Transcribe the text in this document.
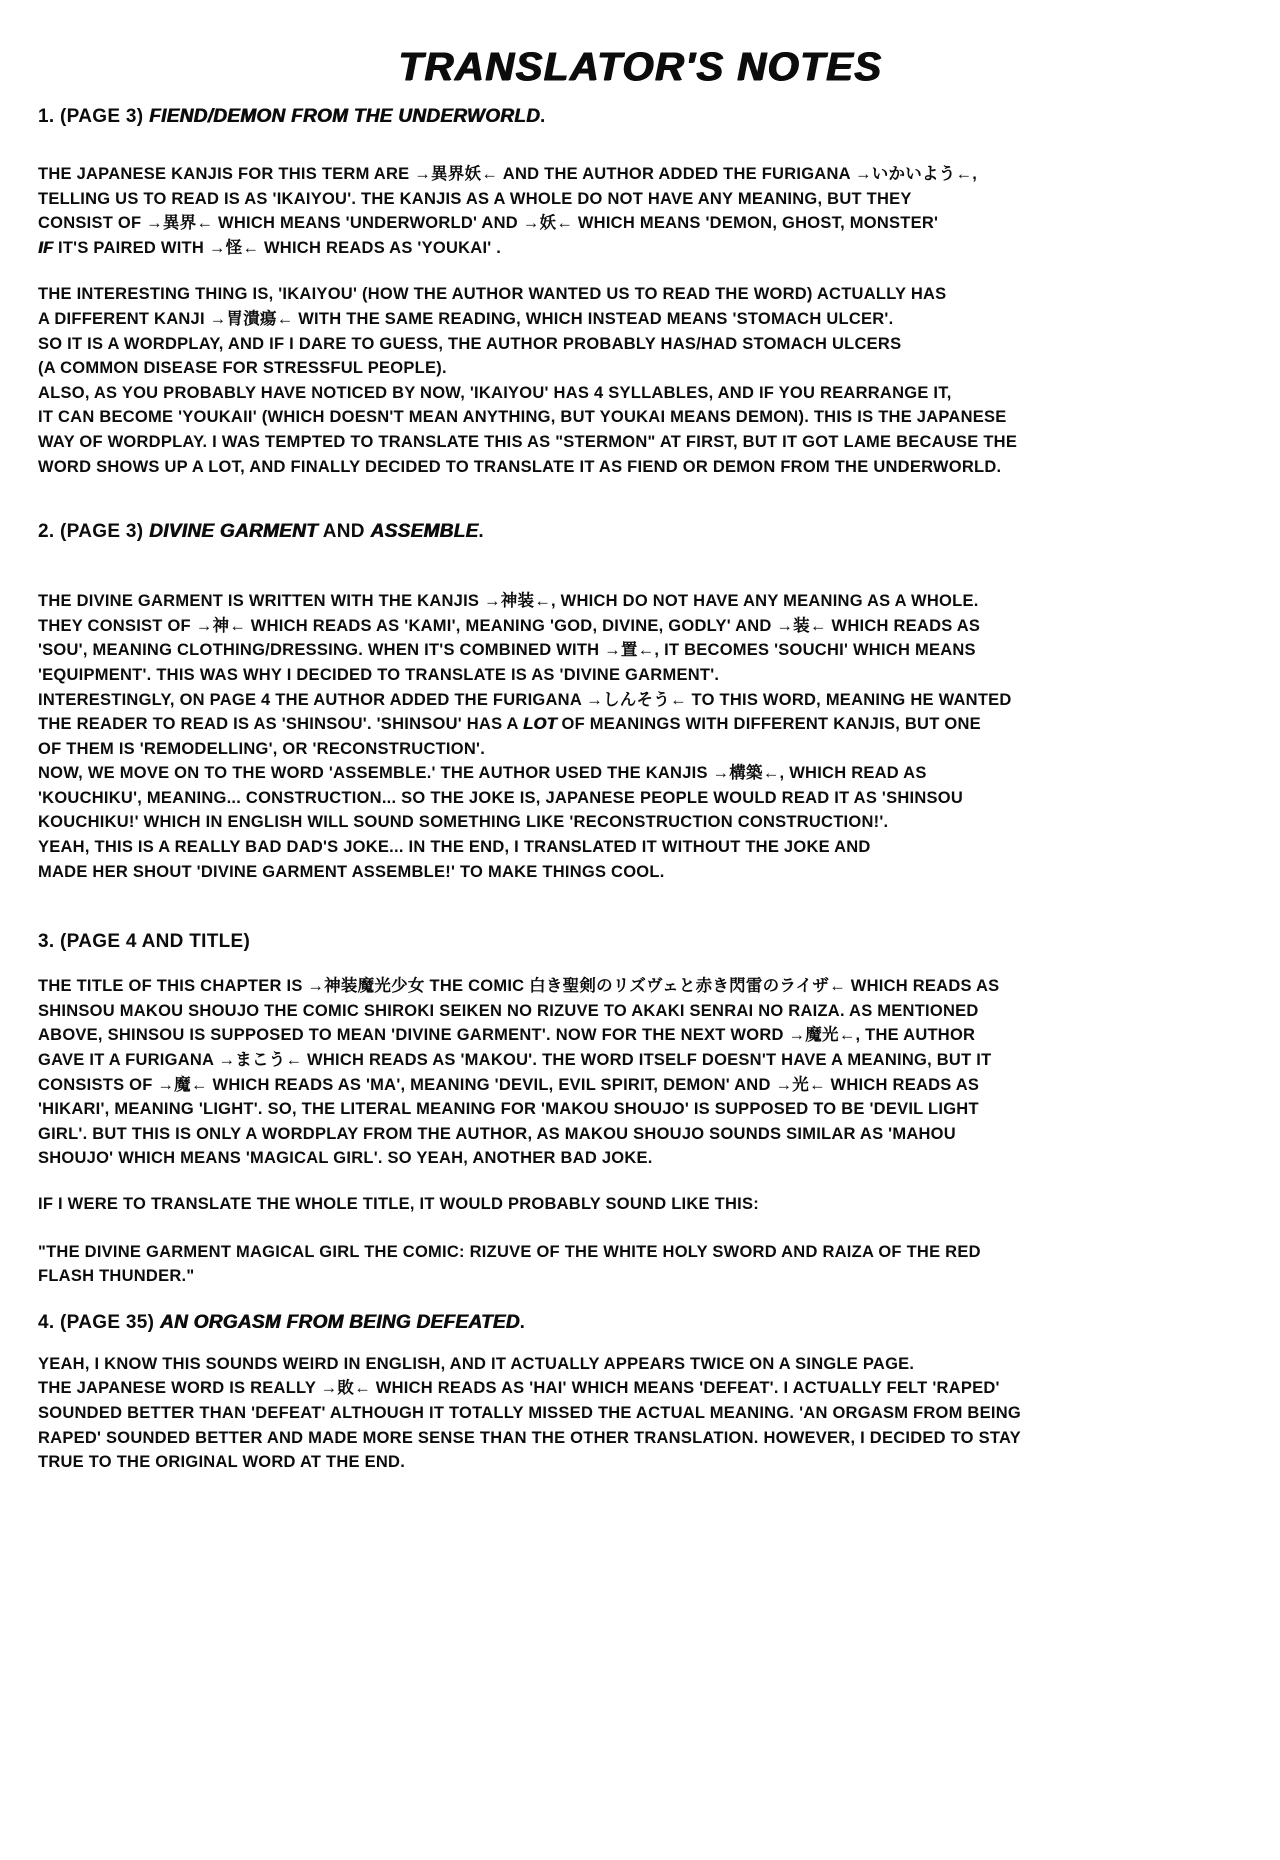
TRANSLATOR'S NOTES
1. (PAGE 3) FIEND/DEMON FROM THE UNDERWORLD.
THE JAPANESE KANJIS FOR THIS TERM ARE →異界妖← AND THE AUTHOR ADDED THE FURIGANA →いかいよう←,
TELLING US TO READ IS AS 'IKAIYOU'. THE KANJIS AS A WHOLE DO NOT HAVE ANY MEANING, BUT THEY
CONSIST OF →異界← WHICH MEANS 'UNDERWORLD' AND →妖← WHICH MEANS 'DEMON, GHOST, MONSTER'
IF IT'S PAIRED WITH →怪← WHICH READS AS 'YOUKAI' .
THE INTERESTING THING IS, 'IKAIYOU' (HOW THE AUTHOR WANTED US TO READ THE WORD) ACTUALLY HAS
A DIFFERENT KANJI →胃潰瘍← WITH THE SAME READING, WHICH INSTEAD MEANS 'STOMACH ULCER'.
SO IT IS A WORDPLAY, AND IF I DARE TO GUESS, THE AUTHOR PROBABLY HAS/HAD STOMACH ULCERS
(A COMMON DISEASE FOR STRESSFUL PEOPLE).
ALSO, AS YOU PROBABLY HAVE NOTICED BY NOW, 'IKAIYOU' HAS 4 SYLLABLES, AND IF YOU REARRANGE IT,
IT CAN BECOME 'YOUKAII' (WHICH DOESN'T MEAN ANYTHING, BUT YOUKAI MEANS DEMON). THIS IS THE JAPANESE
WAY OF WORDPLAY. I WAS TEMPTED TO TRANSLATE THIS AS "STERMON" AT FIRST, BUT IT GOT LAME BECAUSE THE
WORD SHOWS UP A LOT, AND FINALLY DECIDED TO TRANSLATE IT AS FIEND OR DEMON FROM THE UNDERWORLD.
2. (PAGE 3) DIVINE GARMENT AND ASSEMBLE.
THE DIVINE GARMENT IS WRITTEN WITH THE KANJIS →神装←, WHICH DO NOT HAVE ANY MEANING AS A WHOLE.
THEY CONSIST OF →神← WHICH READS AS 'KAMI', MEANING 'GOD, DIVINE, GODLY' AND →装← WHICH READS AS
'SOU', MEANING CLOTHING/DRESSING. WHEN IT'S COMBINED WITH →置←, IT BECOMES 'SOUCHI' WHICH MEANS
'EQUIPMENT'. THIS WAS WHY I DECIDED TO TRANSLATE IS AS 'DIVINE GARMENT'.
INTERESTINGLY, ON PAGE 4 THE AUTHOR ADDED THE FURIGANA →しんそう← TO THIS WORD, MEANING HE WANTED
THE READER TO READ IS AS 'SHINSOU'. 'SHINSOU' HAS A LOT OF MEANINGS WITH DIFFERENT KANJIS, BUT ONE
OF THEM IS 'REMODELLING', OR 'RECONSTRUCTION'.
NOW, WE MOVE ON TO THE WORD 'ASSEMBLE.' THE AUTHOR USED THE KANJIS →構築←, WHICH READ AS
'KOUCHIKU', MEANING... CONSTRUCTION... SO THE JOKE IS, JAPANESE PEOPLE WOULD READ IT AS 'SHINSOU
KOUCHIKU!' WHICH IN ENGLISH WILL SOUND SOMETHING LIKE 'RECONSTRUCTION CONSTRUCTION!'.
YEAH, THIS IS A REALLY BAD DAD'S JOKE... IN THE END, I TRANSLATED IT WITHOUT THE JOKE AND
MADE HER SHOUT 'DIVINE GARMENT ASSEMBLE!' TO MAKE THINGS COOL.
3. (PAGE 4 AND TITLE)
THE TITLE OF THIS CHAPTER IS →神装魔光少女 THE COMIC 白き聖剣のリズヴェと赤き閃雷のライザ← WHICH READS AS
SHINSOU MAKOU SHOUJO THE COMIC SHIROKI SEIKEN NO RIZUVE TO AKAKI SENRAI NO RAIZA. AS MENTIONED
ABOVE, SHINSOU IS SUPPOSED TO MEAN 'DIVINE GARMENT'. NOW FOR THE NEXT WORD →魔光←, THE AUTHOR
GAVE IT A FURIGANA →まこう← WHICH READS AS 'MAKOU'. THE WORD ITSELF DOESN'T HAVE A MEANING, BUT IT
CONSISTS OF →魔← WHICH READS AS 'MA', MEANING 'DEVIL, EVIL SPIRIT, DEMON' AND →光← WHICH READS AS
'HIKARI', MEANING 'LIGHT'. SO, THE LITERAL MEANING FOR 'MAKOU SHOUJO' IS SUPPOSED TO BE 'DEVIL LIGHT
GIRL'. BUT THIS IS ONLY A WORDPLAY FROM THE AUTHOR, AS MAKOU SHOUJO SOUNDS SIMILAR AS 'MAHOU
SHOUJO' WHICH MEANS 'MAGICAL GIRL'. SO YEAH, ANOTHER BAD JOKE.
IF I WERE TO TRANSLATE THE WHOLE TITLE, IT WOULD PROBABLY SOUND LIKE THIS:
"THE DIVINE GARMENT MAGICAL GIRL THE COMIC: RIZUVE OF THE WHITE HOLY SWORD AND RAIZA OF THE RED
FLASH THUNDER."
4. (PAGE 35) AN ORGASM FROM BEING DEFEATED.
YEAH, I KNOW THIS SOUNDS WEIRD IN ENGLISH, AND IT ACTUALLY APPEARS TWICE ON A SINGLE PAGE.
THE JAPANESE WORD IS REALLY →敗← WHICH READS AS 'HAI' WHICH MEANS 'DEFEAT'. I ACTUALLY FELT 'RAPED'
SOUNDED BETTER THAN 'DEFEAT' ALTHOUGH IT TOTALLY MISSED THE ACTUAL MEANING. 'AN ORGASM FROM BEING
RAPED' SOUNDED BETTER AND MADE MORE SENSE THAN THE OTHER TRANSLATION. HOWEVER, I DECIDED TO STAY
TRUE TO THE ORIGINAL WORD AT THE END.
